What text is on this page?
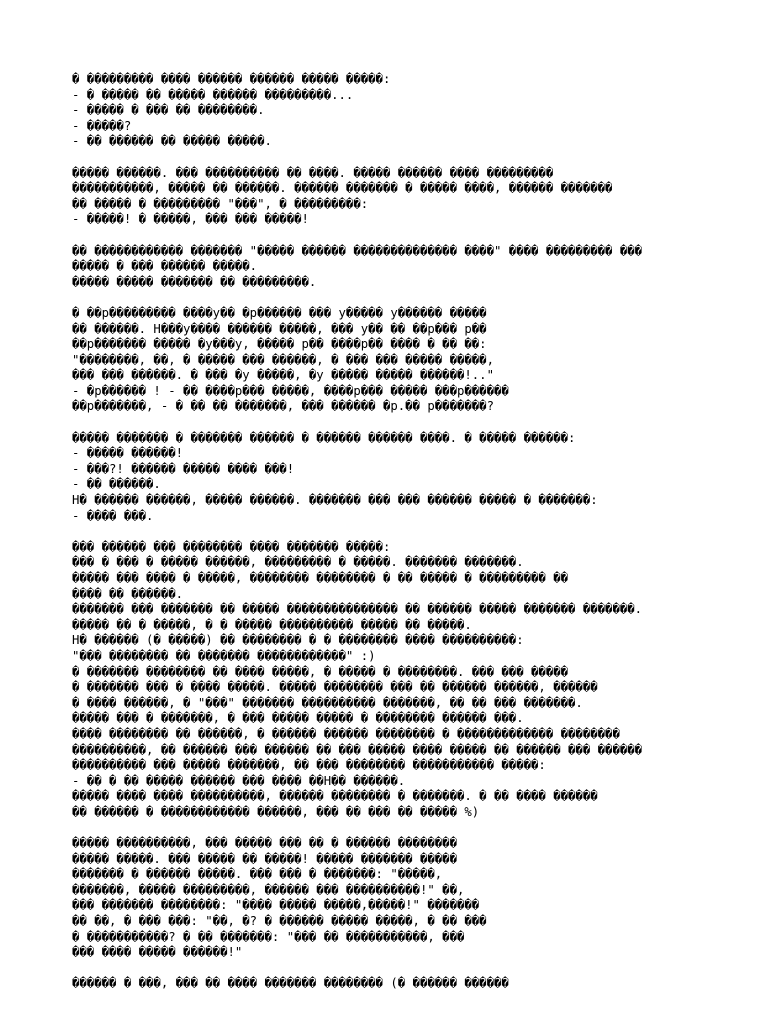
� ��������� ���� ������ ������ ����� �����:
- � ����� �� ����� ������ ���������...
- ����� � ��� �� ��������.
- �����?
- �� ������ �� ����� �����.
����� ������. ��� ���������� �� ����. ����� ������ ���� ���������
�����������, ����� �� ������. ������ ������� � ����� ����, ������ �������
�� ����� � ��������� "���", � ���������:
- �����! � �����, ��� ��� �����!
�� ������������ ������� "����� ������ �������������� ����" ���� ��������� ���
����� � ��� ������ �����.
����� ����� ������� �� ���������.
� ��p��������� ����y�� �p������ ��� y����� y������ �����
�� ������. H���y���� ������ �����, ��� y�� �� ��p��� p��
��p������� ����� �y���y, ����� p�� ����p�� ���� � �� ��:
"��������, ��, � ����� ��� ������, � ��� ��� ����� �����,
��� ��� ������. � ��� �y �����, �y ����� ����� ������!.."
- �p������ ! - �� ����p��� �����, ����p��� ����� ���p������
��p�������, - � �� �� �������, ��� ������ �p.�� p�������?
����� ������� � ������� ������ � ������ ������ ����. � ����� ������:
- ����� ������!
- ���?! ������ ����� ���� ���!
- �� ������.
H� ������ ������, ����� ������. ������� ��� ��� ������ ����� � �������:
- ���� ���.
��� ������ ��� �������� ���� ������� �����:
��� � ��� � ����� ������, ��������� � �����. ������� �������.
����� ��� ���� � �����, �������� �������� � �� ����� � ��������� ��
���� �� ������.
������� ��� ������� �� ����� ��������������� �� ������ ����� ������� �������.
����� �� � �����, � � ����� ���������� ����� �� �����.
H� ������ (� �����) �� �������� � � �������� ���� ����������:
"��� �������� �� ������� ������������" :)
� ������� �������� �� ���� �����, � ����� � ��������. ��� ��� �����
� ������� ��� � ���� �����. ����� �������� ��� �� ������ ������, ������
� ���� ������, � "���" ������� ���������� �������, �� �� ��� �������.
����� ��� � �������, � ��� ����� ����� � �������� ������ ���.
���� �������� �� ������, � ������ ������ �������� � ������������� ��������
����������, �� ������ ��� ������ �� ��� ����� ���� ����� �� ������ ��� ������
���������� ��� ����� �������, �� ��� �������� ����������� �����:
- �� � �� ����� ������ ��� ���� ��H�� ������.
����� ���� ���� ����������, ������ �������� � �������. � �� ���� ������
�� ������ � ������������ ������, ��� �� ��� �� ����� %)
����� ����������, ��� ����� ��� �� � ������ ��������
����� �����. ��� ����� �� �����! ����� ������� �����
������� � ������ �����. ��� ��� � �������: "�����,
�������, ����� ���������, ������ ��� ����������!" ��,
��� ������� ��������: "���� ����� �����,�����!" �������
�� ��, � ��� ���: "��, �? � ������ ����� �����, � �� ���
� �����������? � �� �������: "��� �� �����������, ���
��� ���� ����� ������!"
������ � ���, ��� �� ���� ������� �������� (� ������ ������
